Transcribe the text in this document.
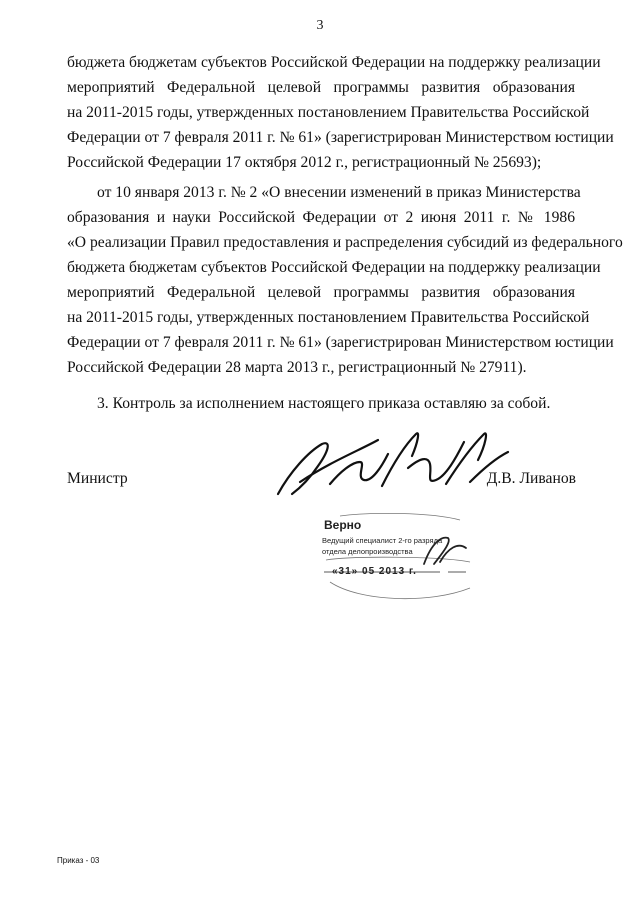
3
бюджета бюджетам субъектов Российской Федерации на поддержку реализации
мероприятий Федеральной целевой программы развития образования
на 2011-2015 годы, утвержденных постановлением Правительства Российской
Федерации от 7 февраля 2011 г. № 61» (зарегистрирован Министерством юстиции
Российской Федерации 17 октября 2012 г., регистрационный № 25693);
от 10 января 2013 г. № 2 «О внесении изменений в приказ Министерства
образования и науки Российской Федерации от 2 июня 2011 г. № 1986
«О реализации Правил предоставления и распределения субсидий из федерального
бюджета бюджетам субъектов Российской Федерации на поддержку реализации
мероприятий Федеральной целевой программы развития образования
на 2011-2015 годы, утвержденных постановлением Правительства Российской
Федерации от 7 февраля 2011 г. № 61» (зарегистрирован Министерством юстиции
Российской Федерации 28 марта 2013 г., регистрационный № 27911).
3. Контроль за исполнением настоящего приказа оставляю за собой.
Министр	Д.В. Ливанов
Верно
Ведущий специалист 2-го разряда
отдела делопроизводства
«31» 05 2013 г.
Приказ - 03
